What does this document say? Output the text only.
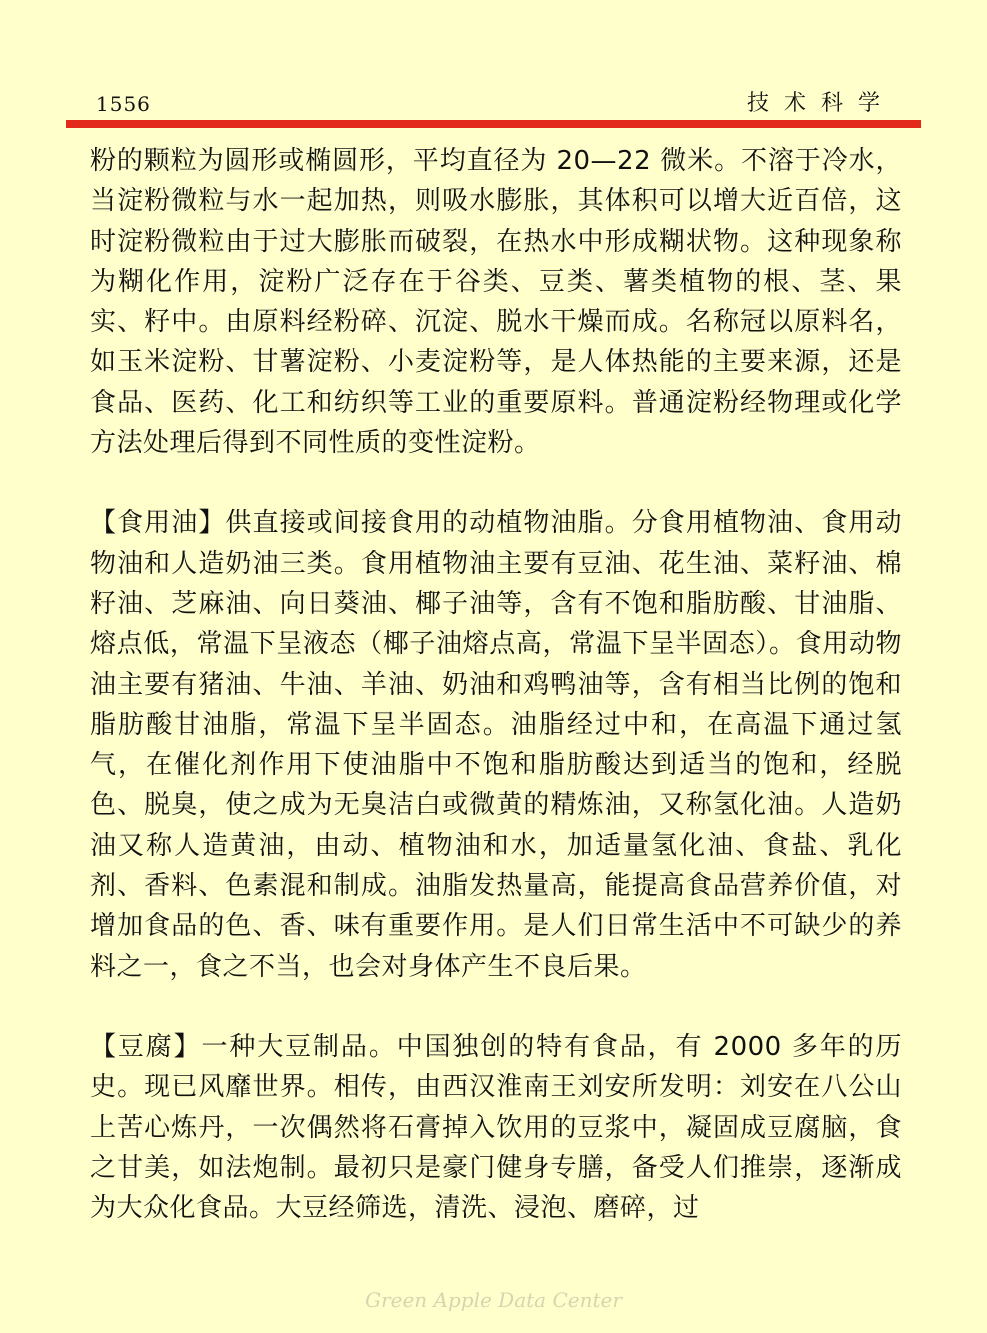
1556	技术科学

粉的颗粒为圆形或椭圆形，平均直径为 20—22 微米。不溶于冷水，当淀粉微粒与水一起加热，则吸水膨胀，其体积可以增大近百倍，这时淀粉微粒由于过大膨胀而破裂，在热水中形成糊状物。这种现象称为糊化作用，淀粉广泛存在于谷类、豆类、薯类植物的根、茎、果实、籽中。由原料经粉碎、沉淀、脱水干燥而成。名称冠以原料名，如玉米淀粉、甘薯淀粉、小麦淀粉等，是人体热能的主要来源，还是食品、医药、化工和纺织等工业的重要原料。普通淀粉经物理或化学方法处理后得到不同性质的变性淀粉。

【食用油】供直接或间接食用的动植物油脂。分食用植物油、食用动物油和人造奶油三类。食用植物油主要有豆油、花生油、菜籽油、棉籽油、芝麻油、向日葵油、椰子油等，含有不饱和脂肪酸、甘油脂、熔点低，常温下呈液态（椰子油熔点高，常温下呈半固态）。食用动物油主要有猪油、牛油、羊油、奶油和鸡鸭油等，含有相当比例的饱和脂肪酸甘油脂，常温下呈半固态。油脂经过中和，在高温下通过氢气，在催化剂作用下使油脂中不饱和脂肪酸达到适当的饱和，经脱色、脱臭，使之成为无臭洁白或微黄的精炼油，又称氢化油。人造奶油又称人造黄油，由动、植物油和水，加适量氢化油、食盐、乳化剂、香料、色素混和制成。油脂发热量高，能提高食品营养价值，对增加食品的色、香、味有重要作用。是人们日常生活中不可缺少的养料之一，食之不当，也会对身体产生不良后果。

【豆腐】一种大豆制品。中国独创的特有食品，有 2000 多年的历史。现已风靡世界。相传，由西汉淮南王刘安所发明：刘安在八公山上苦心炼丹，一次偶然将石膏掉入饮用的豆浆中，凝固成豆腐脑，食之甘美，如法炮制。最初只是豪门健身专膳，备受人们推崇，逐渐成为大众化食品。大豆经筛选，清洗、浸泡、磨碎，过

Green Apple Data Center
